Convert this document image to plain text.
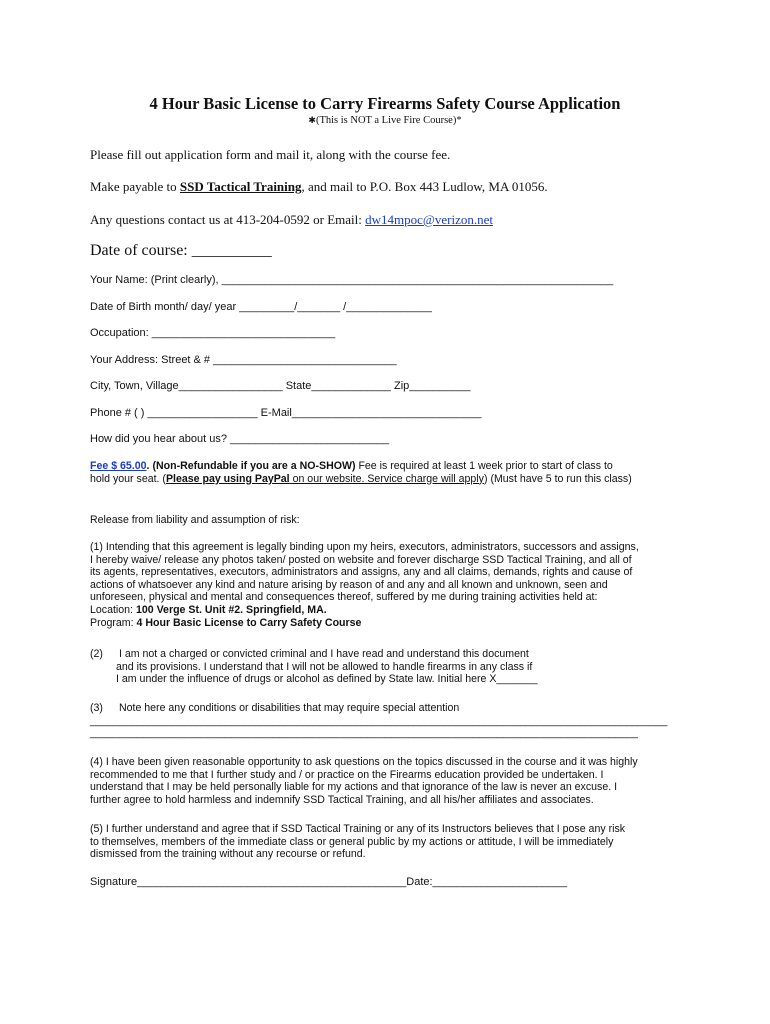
4 Hour Basic License to Carry Firearms Safety Course Application
✱(This is NOT a Live Fire Course)*
Please fill out application form and mail it, along with the course fee.
Make payable to SSD Tactical Training, and mail to P.O. Box 443 Ludlow, MA 01056.
Any questions contact us at 413-204-0592 or Email: dw14mpoc@verizon.net
Date of course: __________
Your Name: (Print clearly), ________________________________________________________________
Date of Birth month/ day/ year _________/_______ /______________
Occupation: ______________________________
Your Address: Street & # ______________________________
City, Town, Village_________________ State_____________ Zip__________
Phone # ( ) __________________ E-Mail_______________________________
How did you hear about us? __________________________
Fee $ 65.00. (Non-Refundable if you are a NO-SHOW) Fee is required at least 1 week prior to start of class to
hold your seat. (Please pay using PayPal on our website. Service charge will apply) (Must have 5 to run this class)
Release from liability and assumption of risk:
(1) Intending that this agreement is legally binding upon my heirs, executors, administrators, successors and assigns,
I hereby waive/ release any photos taken/ posted on website and forever discharge SSD Tactical Training, and all of
its agents, representatives, executors, administrators and assigns, any and all claims, demands, rights and cause of
actions of whatsoever any kind and nature arising by reason of and any and all known and unknown, seen and
unforeseen, physical and mental and consequences thereof, suffered by me during training activities held at:
Location: 100 Verge St. Unit #2. Springfield, MA.
Program: 4 Hour Basic License to Carry Safety Course
(2) I am not a charged or convicted criminal and I have read and understand this document
and its provisions. I understand that I will not be allowed to handle firearms in any class if
I am under the influence of drugs or alcohol as defined by State law. Initial here X_______
(3) Note here any conditions or disabilities that may require special attention
__________________________________________________________________________________________________
_____________________________________________________________________________________________
(4) I have been given reasonable opportunity to ask questions on the topics discussed in the course and it was highly
recommended to me that I further study and / or practice on the Firearms education provided be undertaken. I
understand that I may be held personally liable for my actions and that ignorance of the law is never an excuse. I
further agree to hold harmless and indemnify SSD Tactical Training, and all his/her affiliates and associates.
(5) I further understand and agree that if SSD Tactical Training or any of its Instructors believes that I pose any risk
to themselves, members of the immediate class or general public by my actions or attitude, I will be immediately
dismissed from the training without any recourse or refund.
Signature____________________________________________Date:______________________
